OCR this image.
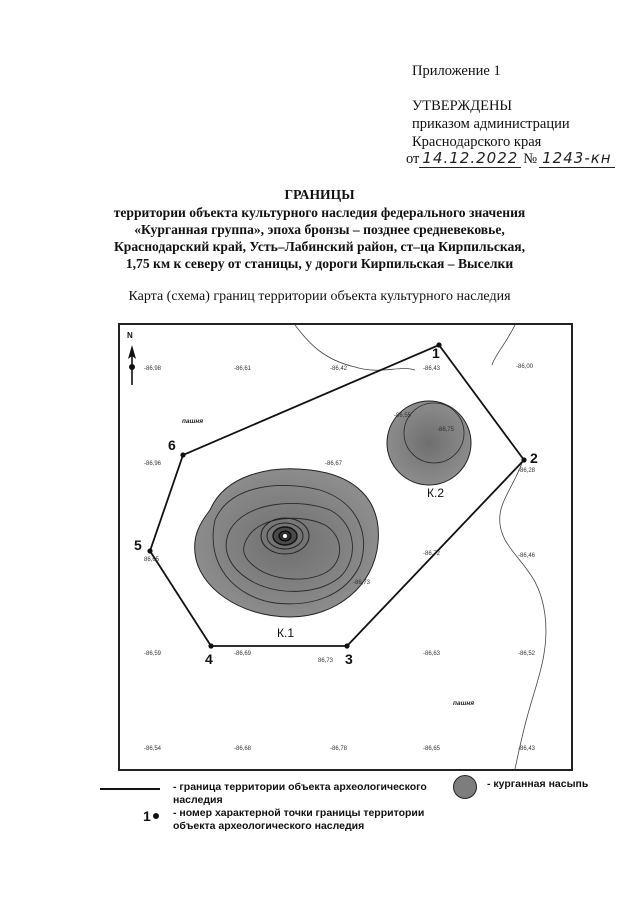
Приложение 1
УТВЕРЖДЕНЫ
приказом администрации
Краснодарского края
от 14.12.2022 № 1243-кн
ГРАНИЦЫ
территории объекта культурного наследия федерального значения
«Курганная группа», эпоха бронзы – позднее средневековье,
Краснодарский край, Усть–Лабинский район, ст–ца Кирпильская,
1,75 км к северу от станицы, у дороги Кирпильская – Выселки
Карта (схема) границ территории объекта культурного наследия
N
-86,98	-86,61	-86,42	-86,43	-86,00
-86,55
-86,75
-86,96	-86,67
-86,28
-86,72	-86,46
86,65
-86,73
-86,59	-86,69
86,73
-86,63	-86,52
-86,54	-86,68	-86,78	-86,65	-86,43
пашня
пашня
1
2
3
4
5
6
К.1
К.2
- граница территории объекта археологического
наследия
- курганная насыпь
1 - номер характерной точки границы территории
объекта археологического наследия
